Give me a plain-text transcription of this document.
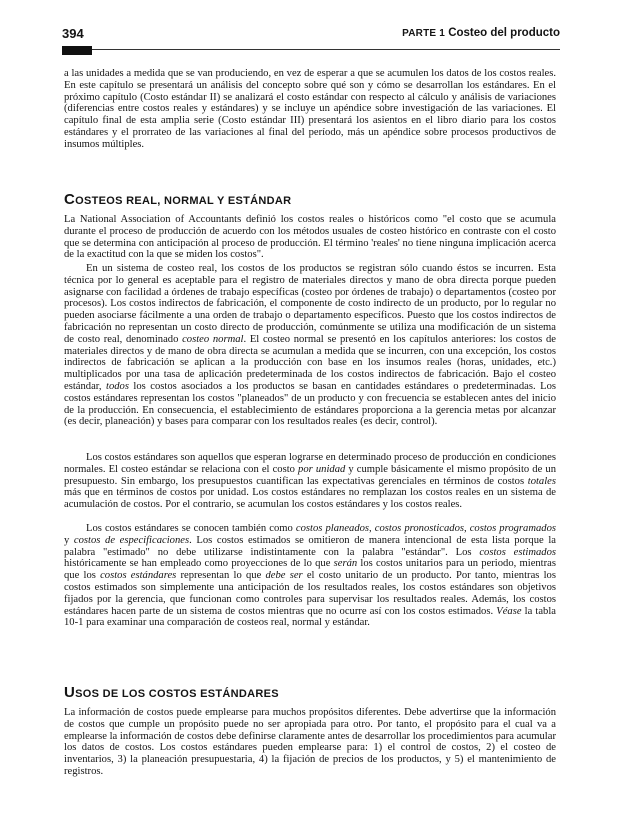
394	PARTE 1 Costeo del producto

a las unidades a medida que se van produciendo, en vez de esperar a que se acumulen los datos de los costos reales. En este capítulo se presentará un análisis del concepto sobre qué son y cómo se desarrollan los estándares. En el próximo capítulo (Costo estándar II) se analizará el costo estándar con respecto al cálculo y análisis de variaciones (diferencias entre costos reales y estándares) y se incluye un apéndice sobre investigación de las variaciones. El capítulo final de esta amplia serie (Costo estándar III) presentará los asientos en el libro diario para los costos estándares y el prorrateo de las variaciones al final del período, más un apéndice sobre procesos productivos de insumos múltiples.

COSTEOS REAL, NORMAL Y ESTÁNDAR

La National Association of Accountants definió los costos reales o históricos como "el costo que se acumula durante el proceso de producción de acuerdo con los métodos usuales de costeo histórico en contraste con el costo que se determina con anticipación al proceso de producción. El término 'reales' no tiene ninguna implicación acerca de la exactitud con la que se miden los costos".

En un sistema de costeo real, los costos de los productos se registran sólo cuando éstos se incurren. Esta técnica por lo general es aceptable para el registro de materiales directos y mano de obra directa porque pueden asignarse con facilidad a órdenes de trabajo específicas (costeo por órdenes de trabajo) o departamentos (costeo por procesos). Los costos indirectos de fabricación, el componente de costo indirecto de un producto, por lo regular no pueden asociarse fácilmente a una orden de trabajo o departamento específicos. Puesto que los costos indirectos de fabricación no representan un costo directo de producción, comúnmente se utiliza una modificación de un sistema de costo real, denominado costeo normal. El costeo normal se presentó en los capítulos anteriores: los costos de materiales directos y de mano de obra directa se acumulan a medida que se incurren, con una excepción, los costos indirectos de fabricación se aplican a la producción con base en los insumos reales (horas, unidades, etc.) multiplicados por una tasa de aplicación predeterminada de los costos indirectos de fabricación. Bajo el costeo estándar, todos los costos asociados a los productos se basan en cantidades estándares o predeterminadas. Los costos estándares representan los costos "planeados" de un producto y con frecuencia se establecen antes del inicio de la producción. En consecuencia, el establecimiento de estándares proporciona a la gerencia metas por alcanzar (es decir, planeación) y bases para comparar con los resultados reales (es decir, control).

Los costos estándares son aquellos que esperan lograrse en determinado proceso de producción en condiciones normales. El costeo estándar se relaciona con el costo por unidad y cumple básicamente el mismo propósito de un presupuesto. Sin embargo, los presupuestos cuantifican las expectativas gerenciales en términos de costos totales más que en términos de costos por unidad. Los costos estándares no remplazan los costos reales en un sistema de acumulación de costos. Por el contrario, se acumulan los costos estándares y los costos reales.

Los costos estándares se conocen también como costos planeados, costos pronosticados, costos programados y costos de especificaciones. Los costos estimados se omitieron de manera intencional de esta lista porque la palabra "estimado" no debe utilizarse indistintamente con la palabra "estándar". Los costos estimados históricamente se han empleado como proyecciones de lo que serán los costos unitarios para un periodo, mientras que los costos estándares representan lo que debe ser el costo unitario de un producto. Por tanto, mientras los costos estimados son simplemente una anticipación de los resultados reales, los costos estándares son objetivos fijados por la gerencia, que funcionan como controles para supervisar los resultados reales. Además, los costos estándares hacen parte de un sistema de costos mientras que no ocurre así con los costos estimados. Véase la tabla 10-1 para examinar una comparación de costeos real, normal y estándar.

USOS DE LOS COSTOS ESTÁNDARES

La información de costos puede emplearse para muchos propósitos diferentes. Debe advertirse que la información de costos que cumple un propósito puede no ser apropiada para otro. Por tanto, el propósito para el cual va a emplearse la información de costos debe definirse claramente antes de desarrollar los procedimientos para acumular los datos de costos. Los costos estándares pueden emplearse para: 1) el control de costos, 2) el costeo de inventarios, 3) la planeación presupuestaria, 4) la fijación de precios de los productos, y 5) el mantenimiento de registros.
